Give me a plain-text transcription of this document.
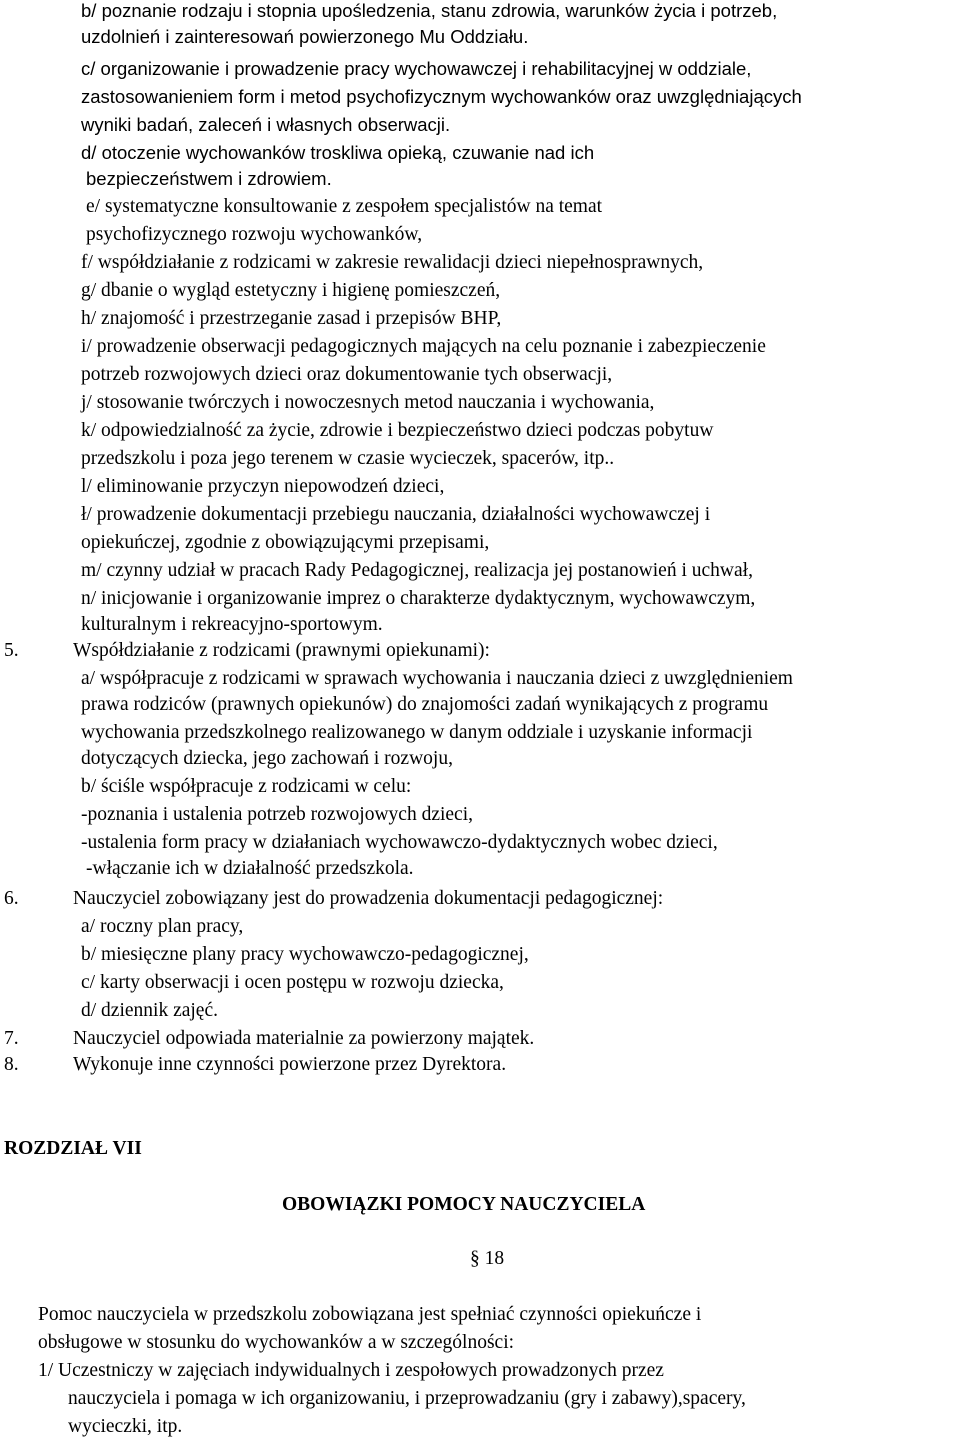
b/ poznanie rodzaju i stopnia upośledzenia, stanu zdrowia, warunków życia i potrzeb,
uzdolnień i zainteresowań powierzonego Mu Oddziału.
c/ organizowanie i prowadzenie pracy wychowawczej i rehabilitacyjnej w oddziale,
zastosowanieniem form i metod psychofizycznym wychowanków oraz uwzględniających
wyniki badań, zaleceń i własnych obserwacji.
d/ otoczenie wychowanków troskliwa opieką, czuwanie nad ich
bezpieczeństwem i zdrowiem.
e/ systematyczne konsultowanie z zespołem specjalistów na temat
psychofizycznego rozwoju wychowanków,
f/ współdziałanie z rodzicami w zakresie rewalidacji dzieci niepełnosprawnych,
g/ dbanie o wygląd estetyczny i higienę pomieszczeń,
h/ znajomość i przestrzeganie zasad i przepisów BHP,
i/ prowadzenie obserwacji pedagogicznych mających na celu poznanie i zabezpieczenie
potrzeb rozwojowych dzieci oraz dokumentowanie tych obserwacji,
j/ stosowanie twórczych i nowoczesnych metod nauczania i wychowania,
k/ odpowiedzialność za życie, zdrowie i bezpieczeństwo dzieci podczas pobytuw
przedszkolu i poza jego terenem w czasie wycieczek, spacerów, itp..
l/ eliminowanie przyczyn niepowodzeń dzieci,
ł/ prowadzenie dokumentacji przebiegu nauczania, działalności wychowawczej i
opiekuńczej, zgodnie z obowiązującymi przepisami,
m/ czynny udział w pracach Rady Pedagogicznej, realizacja jej postanowień i uchwał,
n/ inicjowanie i organizowanie imprez o charakterze dydaktycznym, wychowawczym,
kulturalnym i rekreacyjno-sportowym.
5.	Współdziałanie z rodzicami (prawnymi opiekunami):
a/ współpracuje z rodzicami w sprawach wychowania i nauczania dzieci z uwzględnieniem
prawa rodziców (prawnych opiekunów) do znajomości zadań wynikających z programu
wychowania przedszkolnego realizowanego w danym oddziale i uzyskanie informacji
dotyczących dziecka, jego zachowań i rozwoju,
b/ ściśle współpracuje z rodzicami w celu:
-poznania i ustalenia potrzeb rozwojowych dzieci,
-ustalenia form pracy w działaniach wychowawczo-dydaktycznych wobec dzieci,
-włączanie ich w działalność przedszkola.
6.	Nauczyciel zobowiązany jest do prowadzenia dokumentacji pedagogicznej:
a/ roczny plan pracy,
b/ miesięczne plany pracy wychowawczo-pedagogicznej,
c/ karty obserwacji i ocen postępu w rozwoju dziecka,
d/ dziennik zajęć.
7.	Nauczyciel odpowiada materialnie za powierzony majątek.
8.	Wykonuje inne czynności powierzone przez Dyrektora.
ROZDZIAŁ VII
OBOWIĄZKI POMOCY NAUCZYCIELA
§ 18
Pomoc nauczyciela w przedszkolu zobowiązana jest spełniać czynności opiekuńcze i
obsługowe w stosunku do wychowanków a w szczególności:
1/ Uczestniczy w zajęciach indywidualnych i zespołowych prowadzonych przez
nauczyciela i pomaga w ich organizowaniu, i przeprowadzaniu (gry i zabawy),spacery,
wycieczki, itp.
